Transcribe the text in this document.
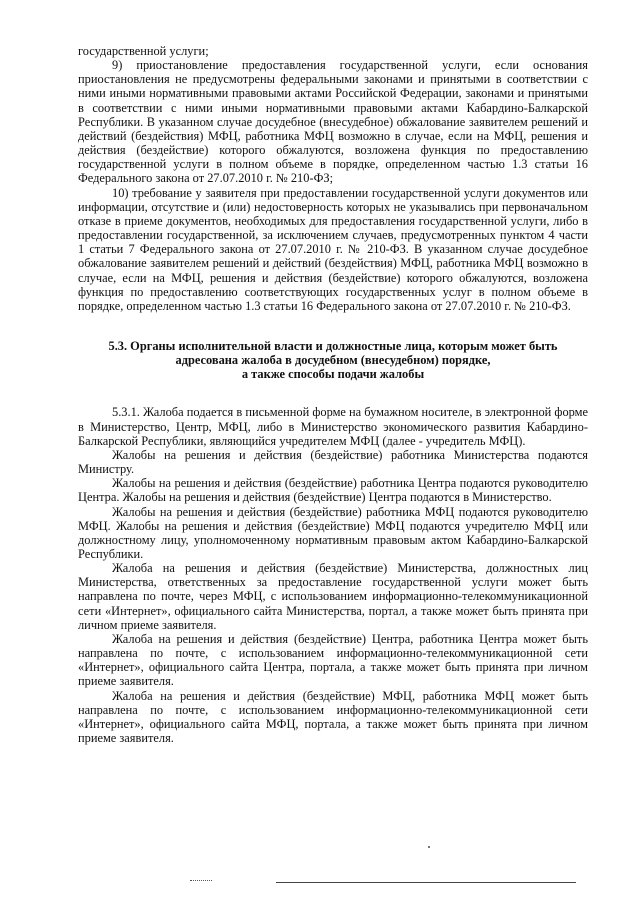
государственной услуги;

9) приостановление предоставления государственной услуги, если основания приостановления не предусмотрены федеральными законами и принятыми в соответствии с ними иными нормативными правовыми актами Российской Федерации, законами и принятыми в соответствии с ними иными нормативными правовыми актами Кабардино-Балкарской Республики. В указанном случае досудебное (внесудебное) обжалование заявителем решений и действий (бездействия) МФЦ, работника МФЦ возможно в случае, если на МФЦ, решения и действия (бездействие) которого обжалуются, возложена функция по предоставлению государственной услуги в полном объеме в порядке, определенном частью 1.3 статьи 16 Федерального закона от 27.07.2010 г. № 210-ФЗ;

10) требование у заявителя при предоставлении государственной услуги документов или информации, отсутствие и (или) недостоверность которых не указывались при первоначальном отказе в приеме документов, необходимых для предоставления государственной услуги, либо в предоставлении государственной, за исключением случаев, предусмотренных пунктом 4 части 1 статьи 7 Федерального закона от 27.07.2010 г. № 210-ФЗ. В указанном случае досудебное обжалование заявителем решений и действий (бездействия) МФЦ, работника МФЦ возможно в случае, если на МФЦ, решения и действия (бездействие) которого обжалуются, возложена функция по предоставлению соответствующих государственных услуг в полном объеме в порядке, определенном частью 1.3 статьи 16 Федерального закона от 27.07.2010 г. № 210-ФЗ.

5.3. Органы исполнительной власти и должностные лица, которым может быть
адресована жалоба в досудебном (внесудебном) порядке,
а также способы подачи жалобы

5.3.1. Жалоба подается в письменной форме на бумажном носителе, в электронной форме в Министерство, Центр, МФЦ, либо в Министерство экономического развития Кабардино-Балкарской Республики, являющийся учредителем МФЦ (далее - учредитель МФЦ).

Жалобы на решения и действия (бездействие) работника Министерства подаются Министру.

Жалобы на решения и действия (бездействие) работника Центра подаются руководителю Центра. Жалобы на решения и действия (бездействие) Центра подаются в Министерство.

Жалобы на решения и действия (бездействие) работника МФЦ подаются руководителю МФЦ. Жалобы на решения и действия (бездействие) МФЦ подаются учредителю МФЦ или должностному лицу, уполномоченному нормативным правовым актом Кабардино-Балкарской Республики.

Жалоба на решения и действия (бездействие) Министерства, должностных лиц Министерства, ответственных за предоставление государственной услуги может быть направлена по почте, через МФЦ, с использованием информационно-телекоммуникационной сети «Интернет», официального сайта Министерства, портал, а также может быть принята при личном приеме заявителя.

Жалоба на решения и действия (бездействие) Центра, работника Центра может быть направлена по почте, с использованием информационно-телекоммуникационной сети «Интернет», официального сайта Центра, портала, а также может быть принята при личном приеме заявителя.

Жалоба на решения и действия (бездействие) МФЦ, работника МФЦ может быть направлена по почте, с использованием информационно-телекоммуникационной сети «Интернет», официального сайта МФЦ, портала, а также может быть принята при личном приеме заявителя.
